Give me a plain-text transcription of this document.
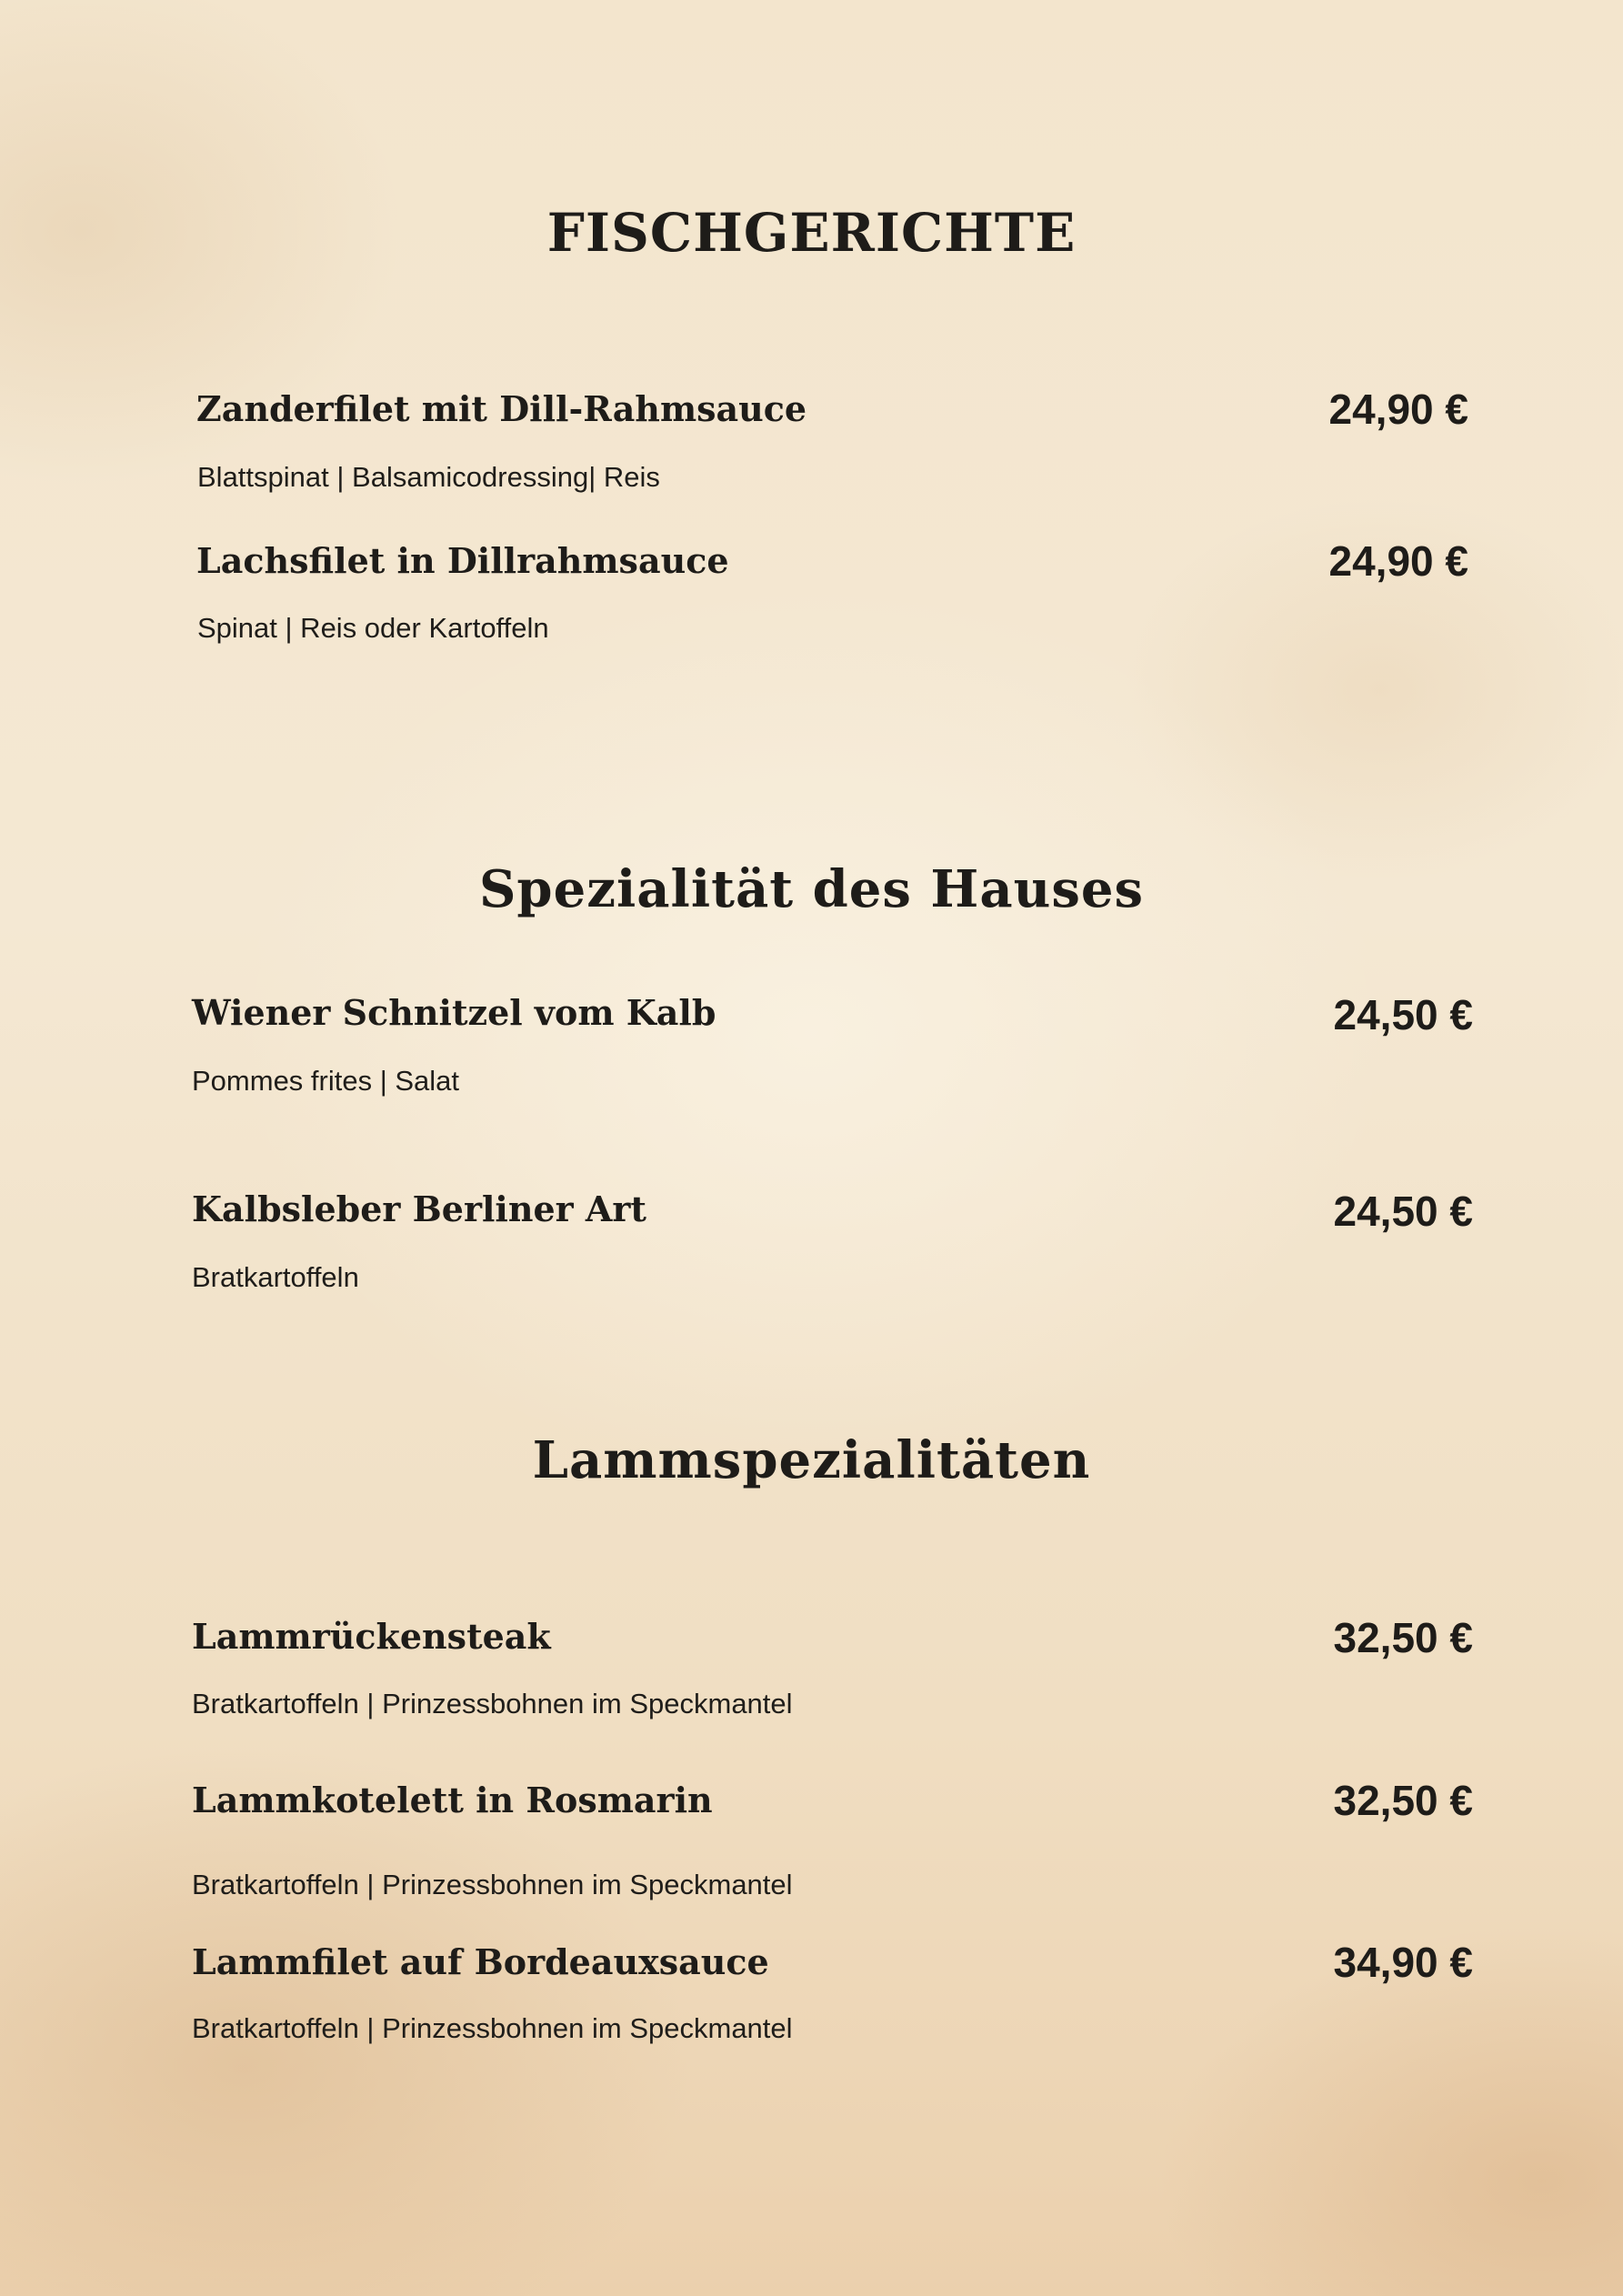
FISCHGERICHTE
Zanderfilet mit Dill-Rahmsauce	24,90 €
Blattspinat | Balsamicodressing| Reis
Lachsfilet in Dillrahmsauce	24,90 €
Spinat | Reis oder Kartoffeln
Spezialität des Hauses
Wiener Schnitzel vom Kalb	24,50 €
Pommes frites | Salat
Kalbsleber Berliner Art	24,50 €
Bratkartoffeln
Lammspezialitäten
Lammrückensteak	32,50 €
Bratkartoffeln | Prinzessbohnen im Speckmantel
Lammkotelett in Rosmarin	32,50 €
Bratkartoffeln | Prinzessbohnen im Speckmantel
Lammfilet auf Bordeauxsauce	34,90 €
Bratkartoffeln | Prinzessbohnen im Speckmantel
